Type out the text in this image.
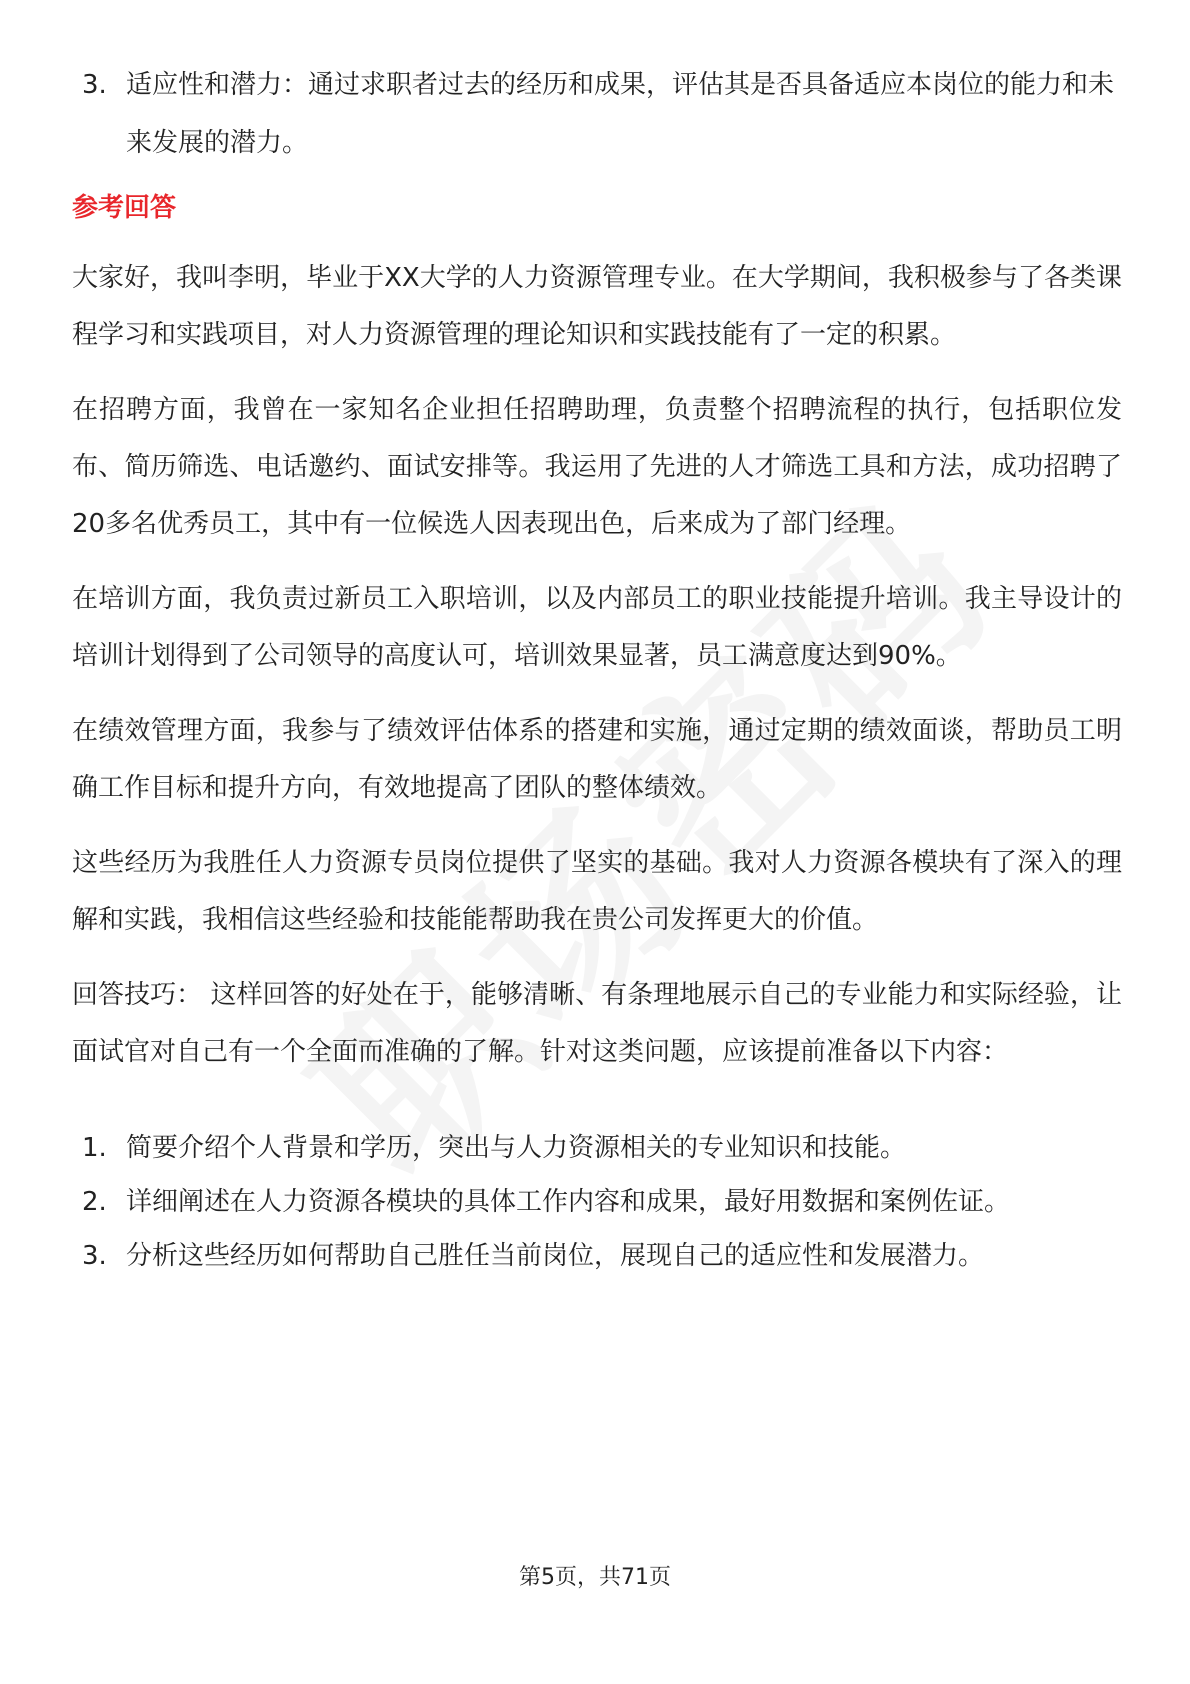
3. 适应性和潜力：通过求职者过去的经历和成果，评估其是否具备适应本岗位的能力和未来发展的潜力。
参考回答

大家好，我叫李明，毕业于XX大学的人力资源管理专业。在大学期间，我积极参与了各类课程学习和实践项目，对人力资源管理的理论知识和实践技能有了一定的积累。

在招聘方面，我曾在一家知名企业担任招聘助理，负责整个招聘流程的执行，包括职位发布、简历筛选、电话邀约、面试安排等。我运用了先进的人才筛选工具和方法，成功招聘了20多名优秀员工，其中有一位候选人因表现出色，后来成为了部门经理。

在培训方面，我负责过新员工入职培训，以及内部员工的职业技能提升培训。我主导设计的培训计划得到了公司领导的高度认可，培训效果显著，员工满意度达到90%。

在绩效管理方面，我参与了绩效评估体系的搭建和实施，通过定期的绩效面谈，帮助员工明确工作目标和提升方向，有效地提高了团队的整体绩效。

这些经历为我胜任人力资源专员岗位提供了坚实的基础。我对人力资源各模块有了深入的理解和实践，我相信这些经验和技能能帮助我在贵公司发挥更大的价值。

回答技巧： 这样回答的好处在于，能够清晰、有条理地展示自己的专业能力和实际经验，让面试官对自己有一个全面而准确的了解。针对这类问题，应该提前准备以下内容：

1. 简要介绍个人背景和学历，突出与人力资源相关的专业知识和技能。
2. 详细阐述在人力资源各模块的具体工作内容和成果，最好用数据和案例佐证。
3. 分析这些经历如何帮助自己胜任当前岗位，展现自己的适应性和发展潜力。
第5页，共71页
